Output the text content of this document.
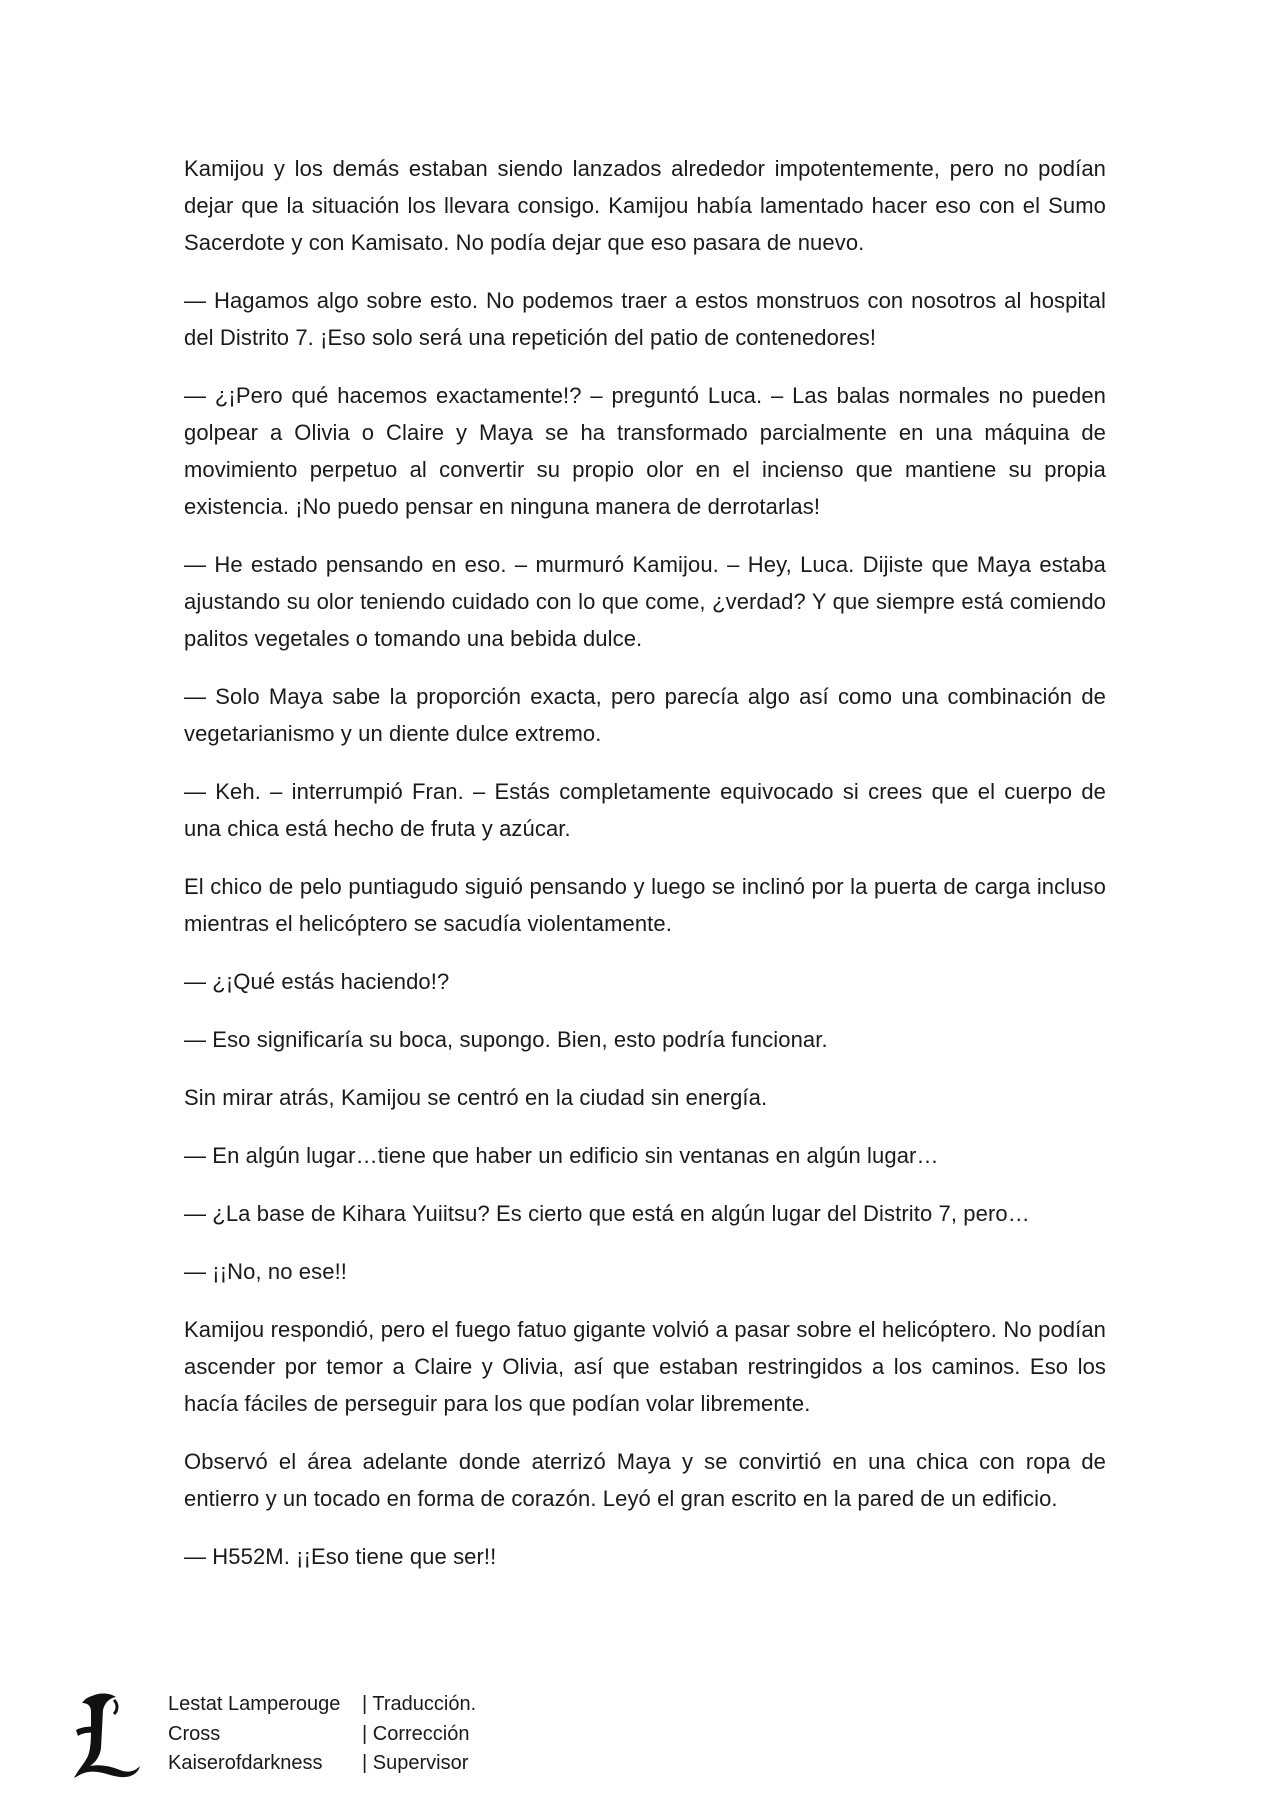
Kamijou y los demás estaban siendo lanzados alrededor impotentemente, pero no podían dejar que la situación los llevara consigo. Kamijou había lamentado hacer eso con el Sumo Sacerdote y con Kamisato. No podía dejar que eso pasara de nuevo.

— Hagamos algo sobre esto. No podemos traer a estos monstruos con nosotros al hospital del Distrito 7. ¡Eso solo será una repetición del patio de contenedores!

— ¿¡Pero qué hacemos exactamente!? – preguntó Luca. – Las balas normales no pueden golpear a Olivia o Claire y Maya se ha transformado parcialmente en una máquina de movimiento perpetuo al convertir su propio olor en el incienso que mantiene su propia existencia. ¡No puedo pensar en ninguna manera de derrotarlas!

— He estado pensando en eso. – murmuró Kamijou. – Hey, Luca. Dijiste que Maya estaba ajustando su olor teniendo cuidado con lo que come, ¿verdad? Y que siempre está comiendo palitos vegetales o tomando una bebida dulce.

— Solo Maya sabe la proporción exacta, pero parecía algo así como una combinación de vegetarianismo y un diente dulce extremo.

— Keh. – interrumpió Fran. – Estás completamente equivocado si crees que el cuerpo de una chica está hecho de fruta y azúcar.

El chico de pelo puntiagudo siguió pensando y luego se inclinó por la puerta de carga incluso mientras el helicóptero se sacudía violentamente.

— ¿¡Qué estás haciendo!?

— Eso significaría su boca, supongo. Bien, esto podría funcionar.

Sin mirar atrás, Kamijou se centró en la ciudad sin energía.

— En algún lugar…tiene que haber un edificio sin ventanas en algún lugar…

— ¿La base de Kihara Yuiitsu? Es cierto que está en algún lugar del Distrito 7, pero…

— ¡¡No, no ese!!

Kamijou respondió, pero el fuego fatuo gigante volvió a pasar sobre el helicóptero. No podían ascender por temor a Claire y Olivia, así que estaban restringidos a los caminos. Eso los hacía fáciles de perseguir para los que podían volar libremente.

Observó el área adelante donde aterrizó Maya y se convirtió en una chica con ropa de entierro y un tocado en forma de corazón. Leyó el gran escrito en la pared de un edificio.

— H552M. ¡¡Eso tiene que ser!!

Lestat Lamperouge	| Traducción.
Cross	| Corrección
Kaiserofdarkness	| Supervisor
